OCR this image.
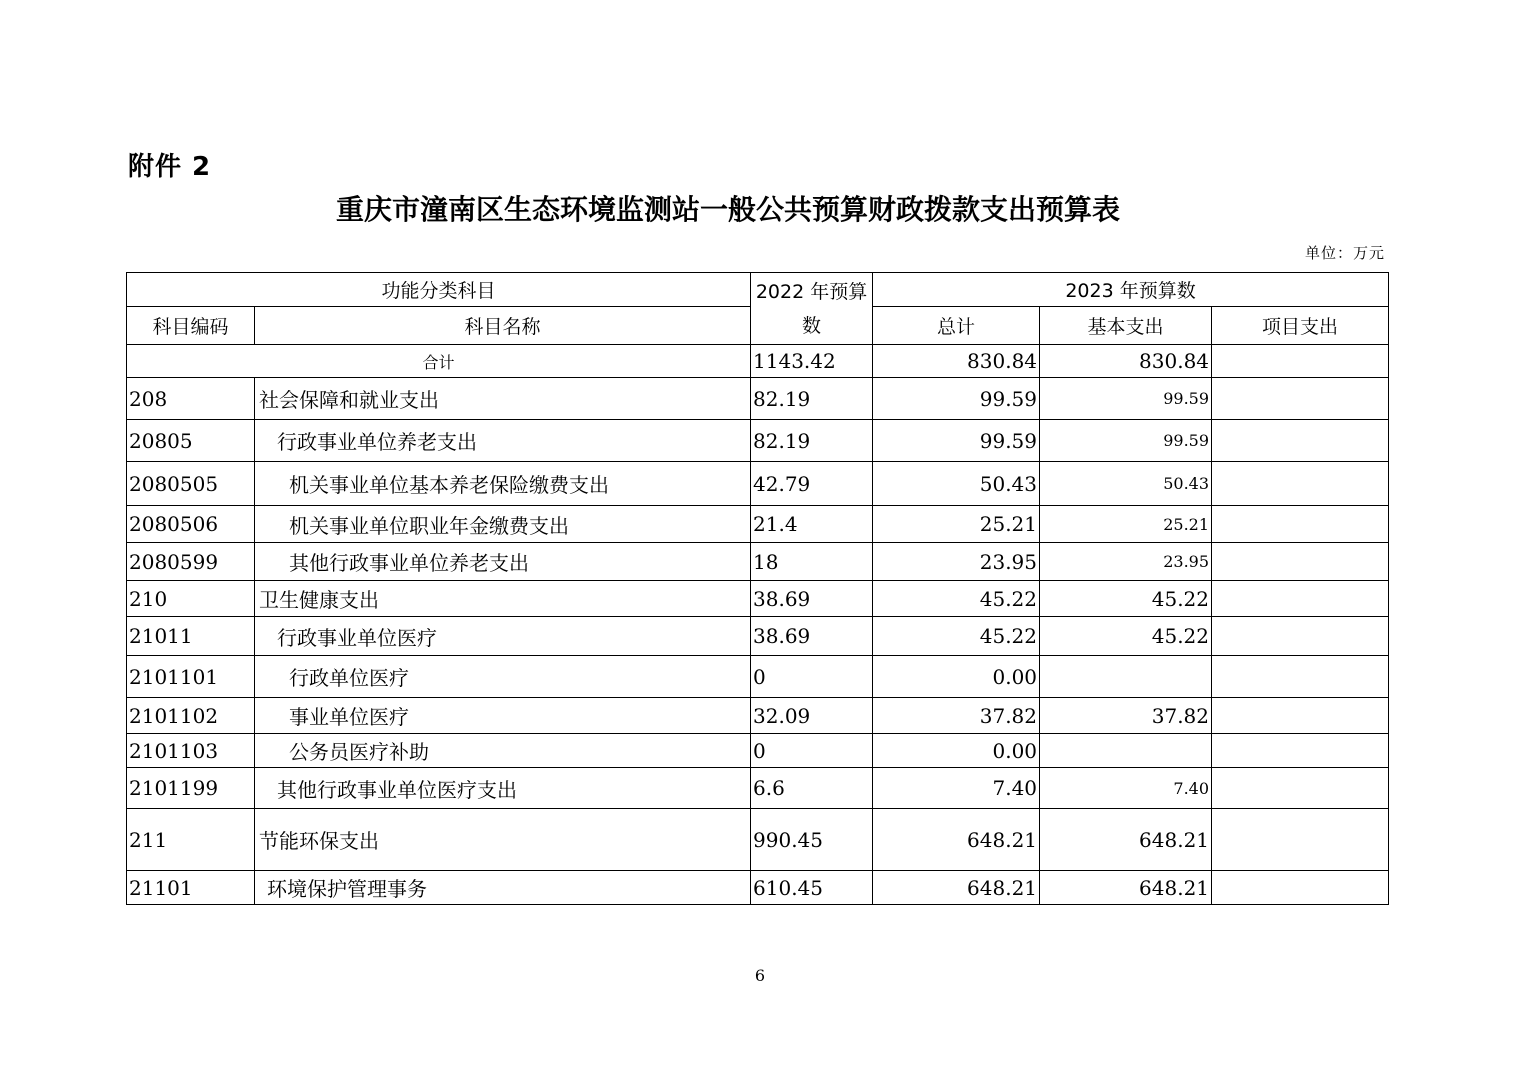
附件 2
重庆市潼南区生态环境监测站一般公共预算财政拨款支出预算表
单位：万元
功能分类科目		2022 年预算数	2023 年预算数		
科目编码	科目名称		总计	基本支出	项目支出
合计		1143.42	830.84	830.84	
208	社会保障和就业支出	82.19	99.59	99.59	
20805	行政事业单位养老支出	82.19	99.59	99.59	
2080505	机关事业单位基本养老保险缴费支出	42.79	50.43	50.43	
2080506	机关事业单位职业年金缴费支出	21.4	25.21	25.21	
2080599	其他行政事业单位养老支出	18	23.95	23.95	
210	卫生健康支出	38.69	45.22	45.22	
21011	行政事业单位医疗	38.69	45.22	45.22	
2101101	行政单位医疗	0	0.00		
2101102	事业单位医疗	32.09	37.82	37.82	
2101103	公务员医疗补助	0	0.00		
2101199	其他行政事业单位医疗支出	6.6	7.40	7.40	
211	节能环保支出	990.45	648.21	648.21	
21101	环境保护管理事务	610.45	648.21	648.21	
6
